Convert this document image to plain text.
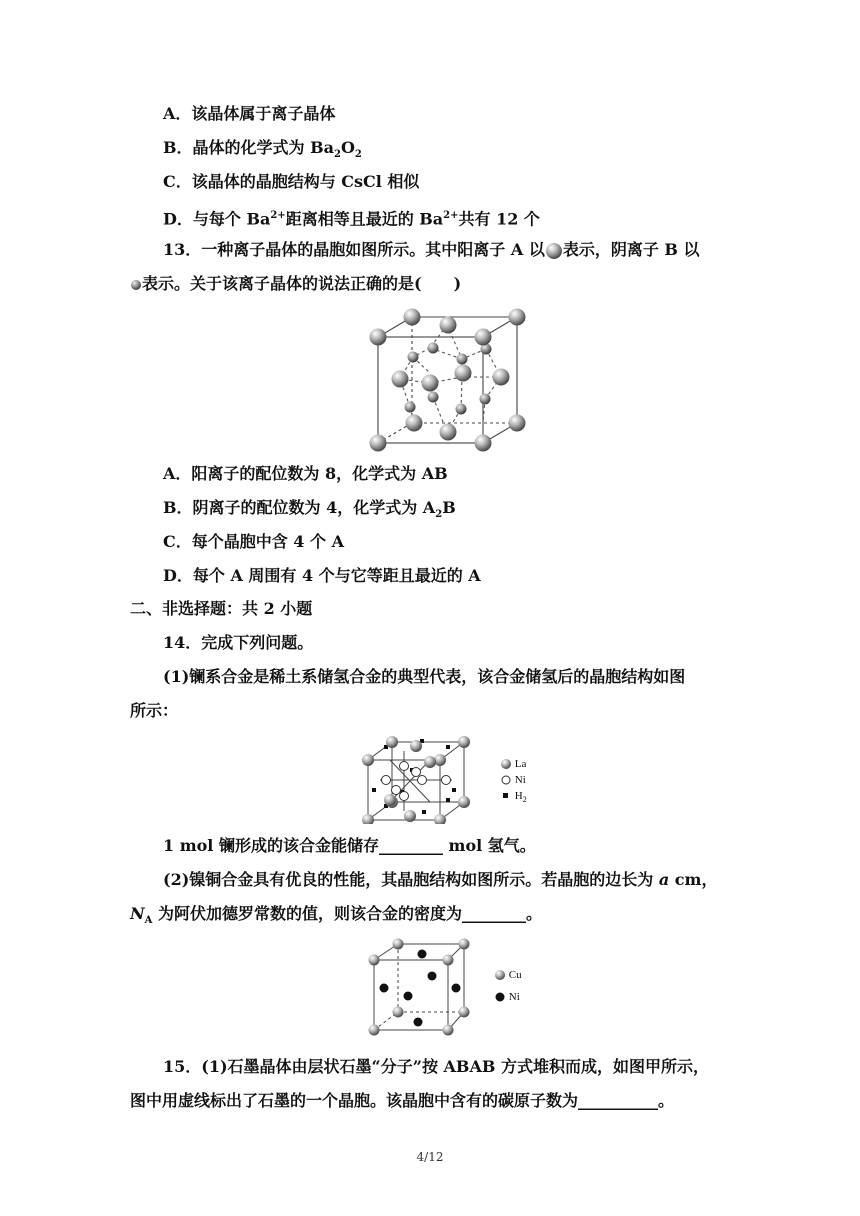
A．该晶体属于离子晶体
B．晶体的化学式为 $Ba_2O_2$
C．该晶体的晶胞结构与 CsCl 相似
D．与每个 $Ba^{2+}$距离相等且最近的 $Ba^{2+}$共有 12 个
13．一种离子晶体的晶胞如图所示。其中阳离子 A 以 表示，阴离子 B 以
表示。关于该离子晶体的说法正确的是(　　)
A．阳离子的配位数为 8，化学式为 AB
B．阴离子的配位数为 4，化学式为 $A_2B$
C．每个晶胞中含 4 个 A
D．每个 A 周围有 4 个与它等距且最近的 A
二、非选择题：共 2 小题
14．完成下列问题。
(1)镧系合金是稀土系储氢合金的典型代表，该合金储氢后的晶胞结构如图
所示：
La
Ni
$H_2$
1 mol 镧形成的该合金能储存________ mol 氢气。
(2)镍铜合金具有优良的性能，其晶胞结构如图所示。若晶胞的边长为 a cm，
$N_A$ 为阿伏加德罗常数的值，则该合金的密度为________。
Cu
Ni
15．(1)石墨晶体由层状石墨“分子”按 ABAB 方式堆积而成，如图甲所示，
图中用虚线标出了石墨的一个晶胞。该晶胞中含有的碳原子数为__________。
4/12
